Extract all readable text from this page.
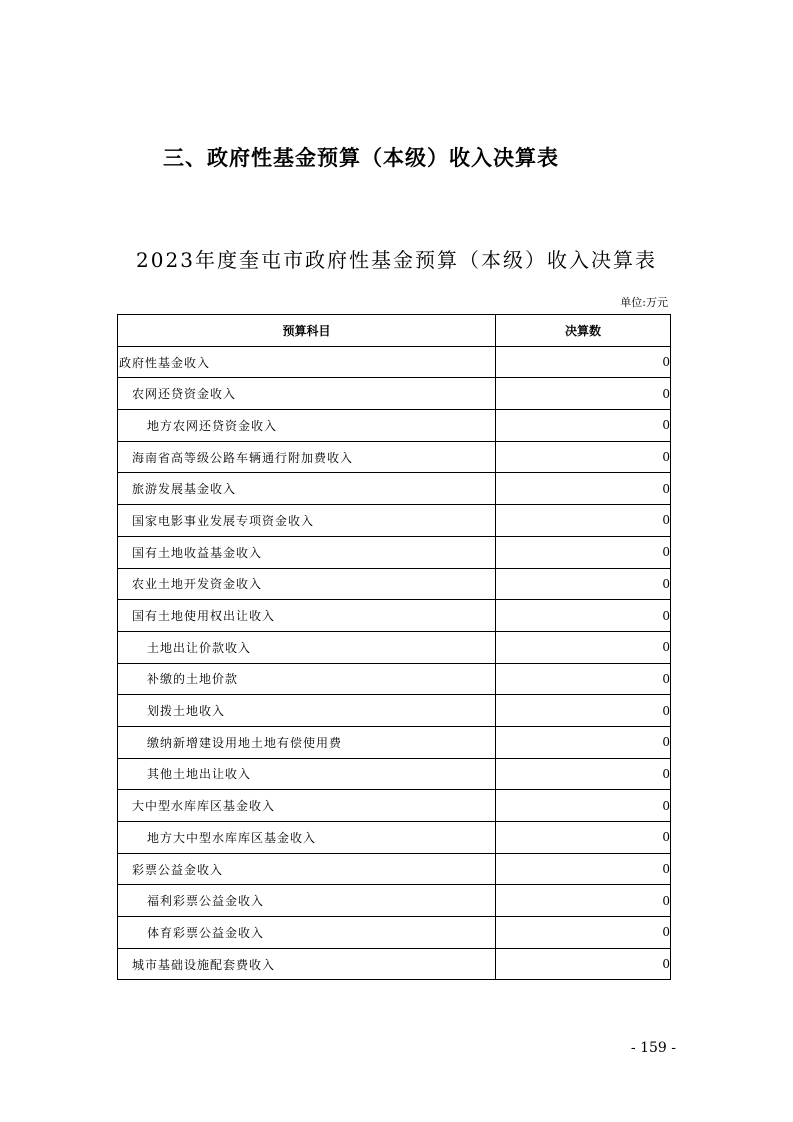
三、政府性基金预算（本级）收入决算表
2023年度奎屯市政府性基金预算（本级）收入决算表
单位:万元
预算科目	决算数
政府性基金收入	0
农网还贷资金收入	0
地方农网还贷资金收入	0
海南省高等级公路车辆通行附加费收入	0
旅游发展基金收入	0
国家电影事业发展专项资金收入	0
国有土地收益基金收入	0
农业土地开发资金收入	0
国有土地使用权出让收入	0
土地出让价款收入	0
补缴的土地价款	0
划拨土地收入	0
缴纳新增建设用地土地有偿使用费	0
其他土地出让收入	0
大中型水库库区基金收入	0
地方大中型水库库区基金收入	0
彩票公益金收入	0
福利彩票公益金收入	0
体育彩票公益金收入	0
城市基础设施配套费收入	0
- 159 -
